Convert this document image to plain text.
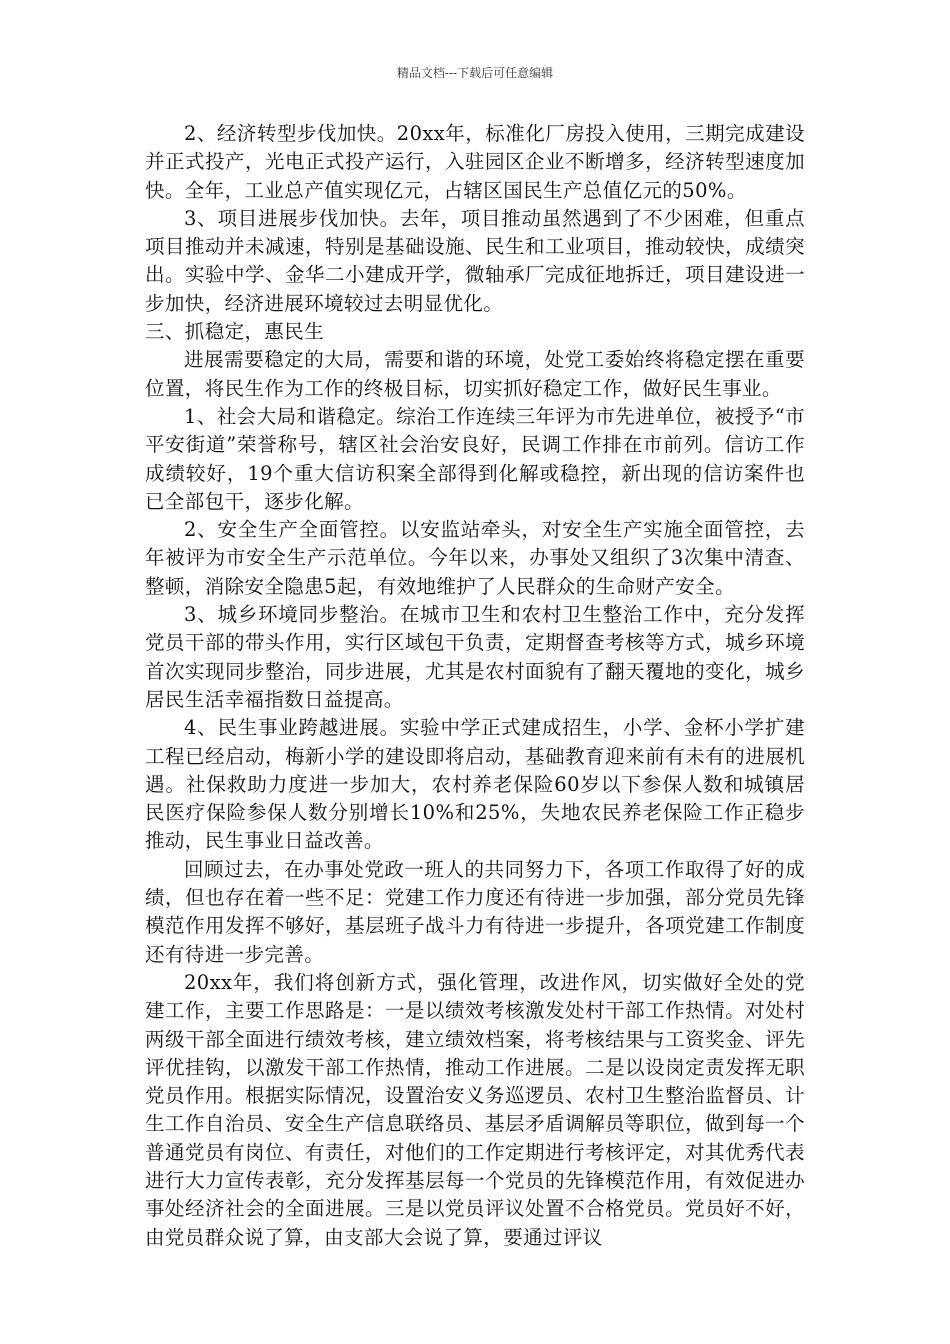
精品文档---下载后可任意编辑

2、经济转型步伐加快。20xx年，标准化厂房投入使用，三期完成建设并正式投产，光电正式投产运行，入驻园区企业不断增多，经济转型速度加快。全年，工业总产值实现亿元，占辖区国民生产总值亿元的50%。

3、项目进展步伐加快。去年，项目推动虽然遇到了不少困难，但重点项目推动并未减速，特别是基础设施、民生和工业项目，推动较快，成绩突出。实验中学、金华二小建成开学，微轴承厂完成征地拆迁，项目建设进一步加快，经济进展环境较过去明显优化。

三、抓稳定，惠民生

进展需要稳定的大局，需要和谐的环境，处党工委始终将稳定摆在重要位置，将民生作为工作的终极目标，切实抓好稳定工作，做好民生事业。

1、社会大局和谐稳定。综治工作连续三年评为市先进单位，被授予“市平安街道”荣誉称号，辖区社会治安良好，民调工作排在市前列。信访工作成绩较好，19个重大信访积案全部得到化解或稳控，新出现的信访案件也已全部包干，逐步化解。

2、安全生产全面管控。以安监站牵头，对安全生产实施全面管控，去年被评为市安全生产示范单位。今年以来，办事处又组织了3次集中清查、整顿，消除安全隐患5起，有效地维护了人民群众的生命财产安全。

3、城乡环境同步整治。在城市卫生和农村卫生整治工作中，充分发挥党员干部的带头作用，实行区域包干负责，定期督查考核等方式，城乡环境首次实现同步整治，同步进展，尤其是农村面貌有了翻天覆地的变化，城乡居民生活幸福指数日益提高。

4、民生事业跨越进展。实验中学正式建成招生，小学、金杯小学扩建工程已经启动，梅新小学的建设即将启动，基础教育迎来前有未有的进展机遇。社保救助力度进一步加大，农村养老保险60岁以下参保人数和城镇居民医疗保险参保人数分别增长10%和25%，失地农民养老保险工作正稳步推动，民生事业日益改善。

回顾过去，在办事处党政一班人的共同努力下，各项工作取得了好的成绩，但也存在着一些不足：党建工作力度还有待进一步加强，部分党员先锋模范作用发挥不够好，基层班子战斗力有待进一步提升，各项党建工作制度还有待进一步完善。

20xx年，我们将创新方式，强化管理，改进作风，切实做好全处的党建工作，主要工作思路是：一是以绩效考核激发处村干部工作热情。对处村两级干部全面进行绩效考核，建立绩效档案，将考核结果与工资奖金、评先评优挂钩，以激发干部工作热情，推动工作进展。二是以设岗定责发挥无职党员作用。根据实际情况，设置治安义务巡逻员、农村卫生整治监督员、计生工作自治员、安全生产信息联络员、基层矛盾调解员等职位，做到每一个普通党员有岗位、有责任，对他们的工作定期进行考核评定，对其优秀代表进行大力宣传表彰，充分发挥基层每一个党员的先锋模范作用，有效促进办事处经济社会的全面进展。三是以党员评议处置不合格党员。党员好不好，由党员群众说了算，由支部大会说了算，要通过评议
